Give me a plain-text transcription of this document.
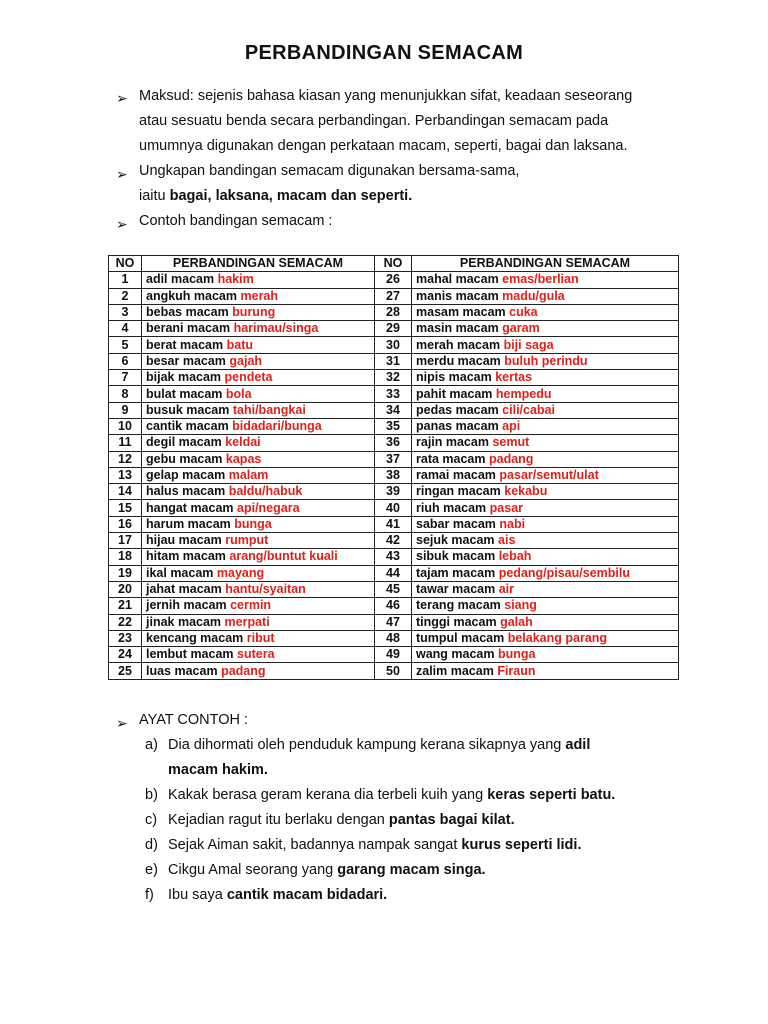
PERBANDINGAN SEMACAM
➢ Maksud: sejenis bahasa kiasan yang menunjukkan sifat, keadaan seseorang
atau sesuatu benda secara perbandingan. Perbandingan semacam pada
umumnya digunakan dengan perkataan macam, seperti, bagai dan laksana.
➢ Ungkapan bandingan semacam digunakan bersama-sama,
iaitu bagai, laksana, macam dan seperti.
➢ Contoh bandingan semacam :
NO	PERBANDINGAN SEMACAM	NO	PERBANDINGAN SEMACAM
1	adil macam hakim	26	mahal macam emas/berlian
2	angkuh macam merah	27	manis macam madu/gula
3	bebas macam burung	28	masam macam cuka
4	berani macam harimau/singa	29	masin macam garam
5	berat macam batu	30	merah macam biji saga
6	besar macam gajah	31	merdu macam buluh perindu
7	bijak macam pendeta	32	nipis macam kertas
8	bulat macam bola	33	pahit macam hempedu
9	busuk macam tahi/bangkai	34	pedas macam cili/cabai
10	cantik macam bidadari/bunga	35	panas macam api
11	degil macam keldai	36	rajin macam semut
12	gebu macam kapas	37	rata macam padang
13	gelap macam malam	38	ramai macam pasar/semut/ulat
14	halus macam baldu/habuk	39	ringan macam kekabu
15	hangat macam api/negara	40	riuh macam pasar
16	harum macam bunga	41	sabar macam nabi
17	hijau macam rumput	42	sejuk macam ais
18	hitam macam arang/buntut kuali	43	sibuk macam lebah
19	ikal macam mayang	44	tajam macam pedang/pisau/sembilu
20	jahat macam hantu/syaitan	45	tawar macam air
21	jernih macam cermin	46	terang macam siang
22	jinak macam merpati	47	tinggi macam galah
23	kencang macam ribut	48	tumpul macam belakang parang
24	lembut macam sutera	49	wang macam bunga
25	luas macam padang	50	zalim macam Firaun
➢ AYAT CONTOH :
a) Dia dihormati oleh penduduk kampung kerana sikapnya yang adil
macam hakim.
b) Kakak berasa geram kerana dia terbeli kuih yang keras seperti batu.
c) Kejadian ragut itu berlaku dengan pantas bagai kilat.
d) Sejak Aiman sakit, badannya nampak sangat kurus seperti lidi.
e) Cikgu Amal seorang yang garang macam singa.
f) Ibu saya cantik macam bidadari.
